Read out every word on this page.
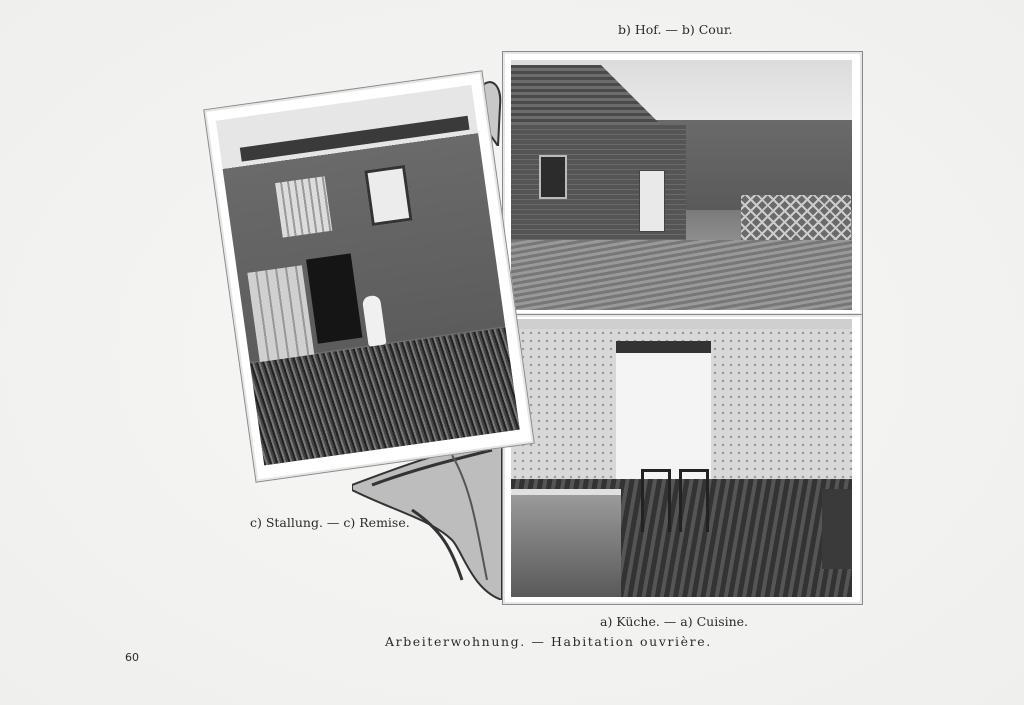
b) Hof. — b) Cour.
c) Stallung. — c) Remise.
a) Küche. — a) Cuisine.
Arbeiterwohnung. — Habitation ouvrière.
60
